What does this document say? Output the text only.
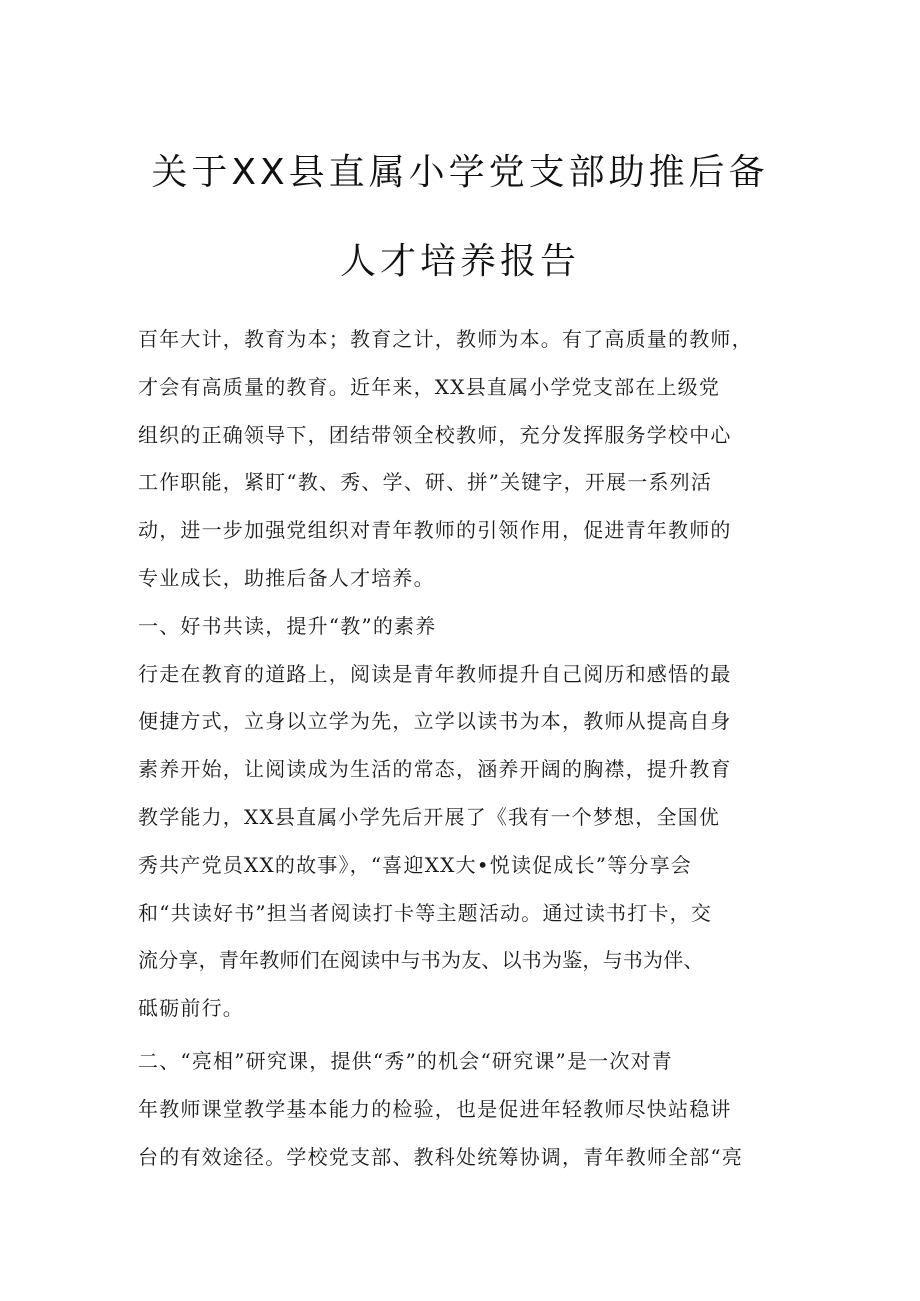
关于XX县直属小学党支部助推后备
人才培养报告
百年大计，教育为本；教育之计，教师为本。有了高质量的教师，
才会有高质量的教育。近年来，XX县直属小学党支部在上级党
组织的正确领导下，团结带领全校教师，充分发挥服务学校中心
工作职能，紧盯“教、秀、学、研、拼”关键字，开展一系列活
动，进一步加强党组织对青年教师的引领作用，促进青年教师的
专业成长，助推后备人才培养。
一、好书共读，提升“教”的素养
行走在教育的道路上，阅读是青年教师提升自己阅历和感悟的最
便捷方式，立身以立学为先，立学以读书为本，教师从提高自身
素养开始，让阅读成为生活的常态，涵养开阔的胸襟，提升教育
教学能力，XX县直属小学先后开展了《我有一个梦想，全国优
秀共产党员XX的故事》，“喜迎XX大•悦读促成长”等分享会
和“共读好书”担当者阅读打卡等主题活动。通过读书打卡，交
流分享，青年教师们在阅读中与书为友、以书为鉴，与书为伴、
砥砺前行。
二、“亮相”研究课，提供“秀”的机会“研究课”是一次对青
年教师课堂教学基本能力的检验，也是促进年轻教师尽快站稳讲
台的有效途径。学校党支部、教科处统筹协调，青年教师全部“亮
